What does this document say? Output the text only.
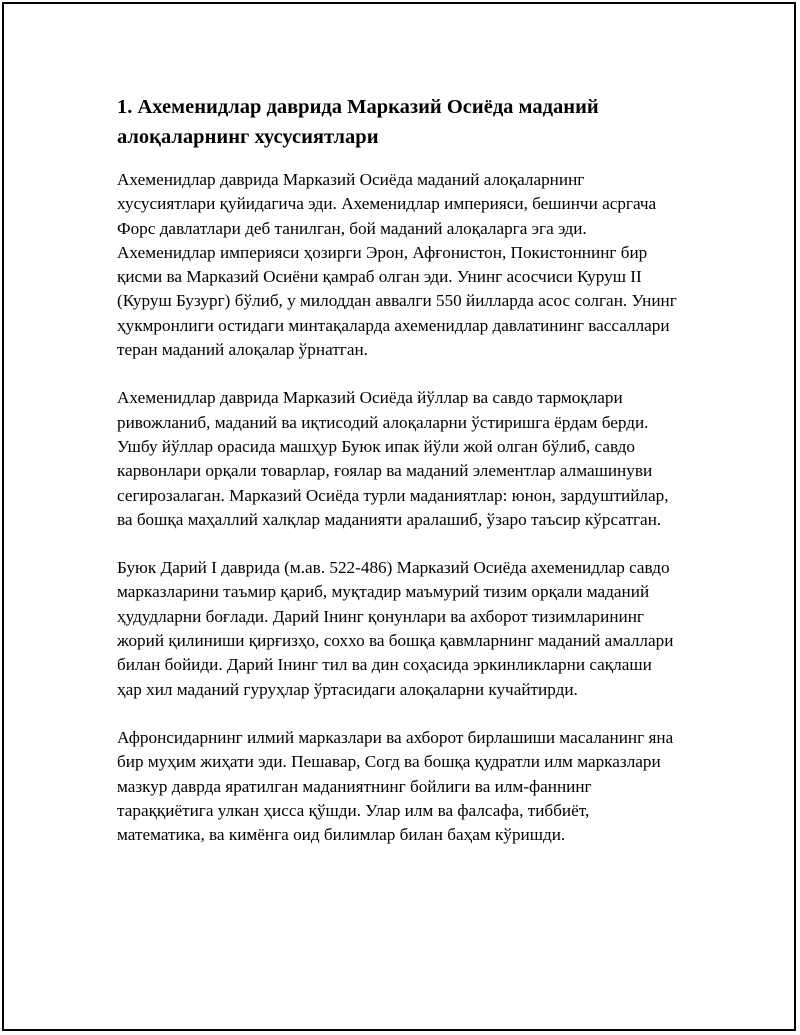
1. Ахеменидлар даврида Марказий Осиёда маданий алоқаларнинг хусусиятлари

Ахеменидлар даврида Марказий Осиёда маданий алоқаларнинг хусусиятлари қуйидагича эди. Ахеменидлар империяси, бешинчи асргача Форс давлатлари деб танилган, бой маданий алоқаларга эга эди. Ахеменидлар империяси ҳозирги Эрон, Афғонистон, Покистоннинг бир қисми ва Марказий Осиёни қамраб олган эди. Унинг асосчиси Куруш II (Куруш Бузург) бўлиб, у милоддан аввалги 550 йилларда асос солган. Унинг ҳукмронлиги остидаги минтақаларда ахеменидлар давлатининг вассаллари теран маданий алоқалар ўрнатган.

Ахеменидлар даврида Марказий Осиёда йўллар ва савдо тармоқлари ривожланиб, маданий ва иқтисодий алоқаларни ўстиришга ёрдам берди. Ушбу йўллар орасида машҳур Буюк ипак йўли жой олган бўлиб, савдо карвонлари орқали товарлар, ғоялар ва маданий элементлар алмашинуви сегирозалаган. Марказий Осиёда турли маданиятлар: юнон, зардуштийлар, ва бошқа маҳаллий халқлар маданияти аралашиб, ўзаро таъсир кўрсатган.

Буюк Дарий I даврида (м.ав. 522-486) Марказий Осиёда ахеменидлар савдо марказларини таъмир қариб, муқтадир маъмурий тизим орқали маданий ҳудудларни боғлади. Дарий Iнинг қонунлари ва ахборот тизимларининг жорий қилиниши қирғизҳо, соххо ва бошқа қавмларнинг маданий амаллари билан бойиди. Дарий Iнинг тил ва дин соҳасида эркинликларни сақлаши ҳар хил маданий гуруҳлар ўртасидаги алоқаларни кучайтирди.

Афронсидарнинг илмий марказлари ва ахборот бирлашиши масаланинг яна бир муҳим жиҳати эди. Пешавар, Согд ва бошқа қудратли илм марказлари мазкур даврда яратилган маданиятнинг бойлиги ва илм-фаннинг тараққиётига улкан ҳисса қўшди. Улар илм ва фалсафа, тиббиёт, математика, ва кимёнга оид билимлар билан баҳам кўришди.
